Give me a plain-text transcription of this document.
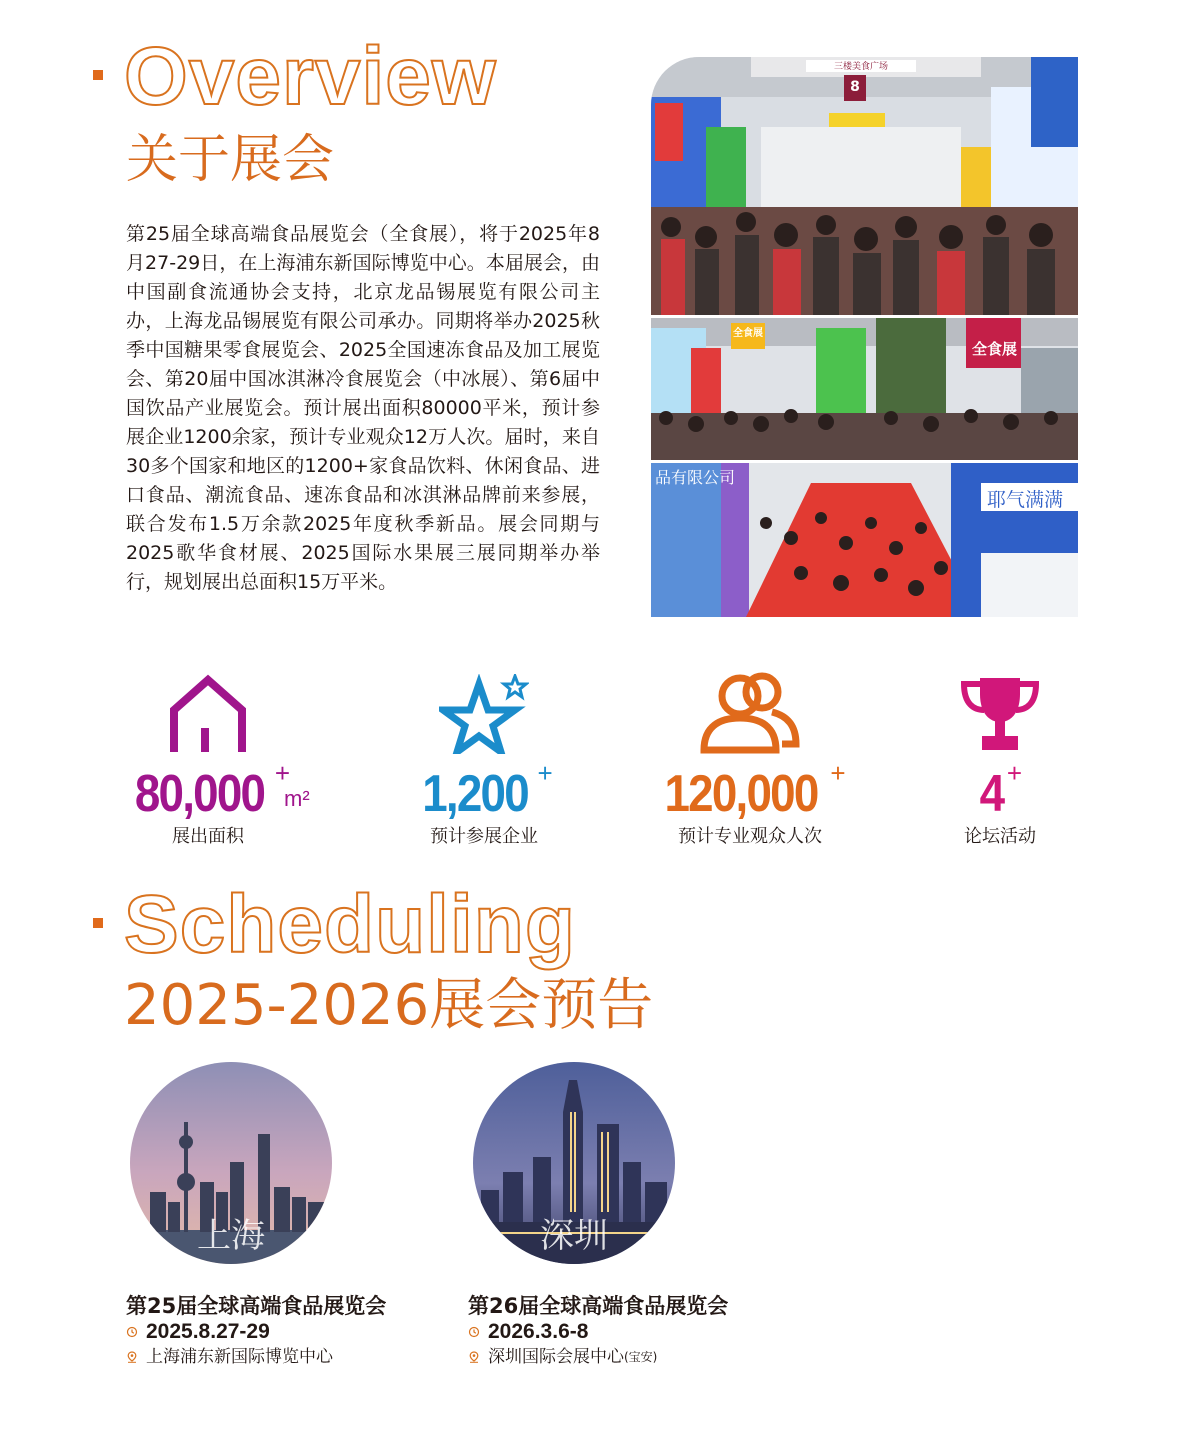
Overview
关于展会

第25届全球高端食品展览会（全食展），将于2025年8月27-29日，在上海浦东新国际博览中心。本届展会，由中国副食流通协会支持，北京龙品锡展览有限公司主办，上海龙品锡展览有限公司承办。同期将举办2025秋季中国糖果零食展览会、2025全国速冻食品及加工展览会、第20届中国冰淇淋冷食展览会（中冰展）、第6届中国饮品产业展览会。预计展出面积80000平米，预计参展企业1200余家，预计专业观众12万人次。届时，来自30多个国家和地区的1200+家食品饮料、休闲食品、进口食品、潮流食品、速冻食品和冰淇淋品牌前来参展，联合发布1.5万余款2025年度秋季新品。展会同期与2025歌华食材展、2025国际水果展三展同期举办举行，规划展出总面积15万平米。

三楼美食广场
8
全食展
全食展
品有限公司
耶气满满
80,000 +
m²
展出面积
1,200 +
预计参展企业
120,000 +
预计专业观众人次
4 +
论坛活动
Scheduling
2025-2026展会预告
上海	深圳
第25届全球高端食品展览会
2025.8.27-29
上海浦东新国际博览中心
第26届全球高端食品展览会
2026.3.6-8
深圳国际会展中心 (宝安)
